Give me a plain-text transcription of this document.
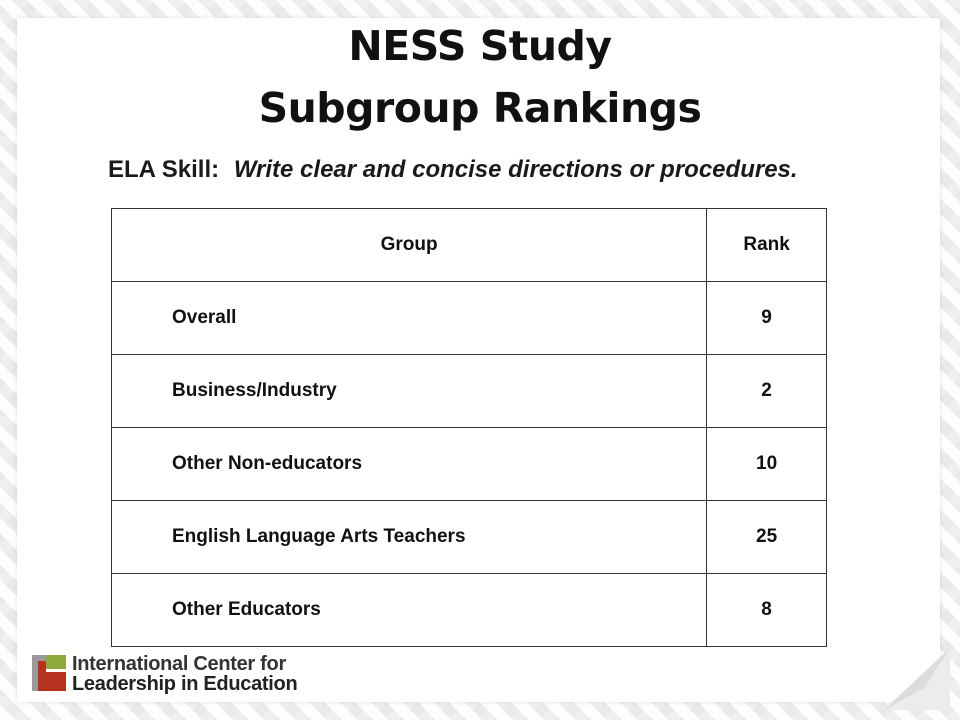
NESS Study
Subgroup Rankings
ELA Skill: Write clear and concise directions or procedures.
Group	Rank
Overall	9
Business/Industry	2
Other Non-educators	10
English Language Arts Teachers	25
Other Educators	8
International Center for
Leadership in Education
